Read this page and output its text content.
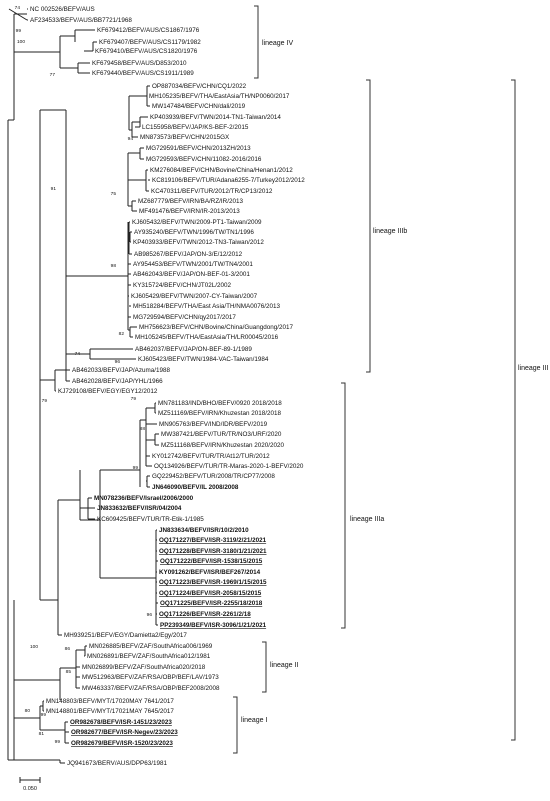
NC 002526/BEFV/AUS
AF234533/BEFV/AUS/BB7721/1968
KF679412/BEFV/AUS/CS1867/1976
KF679407/BEFV/AUS/CS1179/1982
KF679410/BEFV/AUS/CS1820/1976
KF679458/BEFV/AUS/D853/2010
KF679440/BEFV/AUS/CS1911/1989
OP887034/BEFV/CHN/CQ1/2022
MH105235/BEFV/THA/EastAsia/TH/NP0060/2017
MW147484/BEFV/CHN/dali/2019
KP403939/BEFV/TWN/2014-TN1-Taiwan/2014
LC155958/BEFV/JAP/KS-BEF-2/2015
MN873573/BEFV/CHN/2015GX
MG729591/BEFV/CHN/2013ZH/2013
MG729593/BEFV/CHN/11082-2016/2016
KM276084/BEFV/CHN/Bovine/China/Henan1/2012
KC819106/BEFV/TUR/Adana6255-7/Turkey2012/2012
KC470311/BEFV/TUR/2012/TR/CP13/2012
MZ687779/BEFV/IRN/BA/RZ/IR/2013
MF491476/BEFV/IRN/IR-2013/2013
KJ605432/BEFV/TWN/2009-PT1-Taiwan/2009
AY935240/BEFV/TWN/1996/TW/TN1/1996
KP403933/BEFV/TWN/2012-TN3-Taiwan/2012
AB985267/BEFV/JAP/ON-3/E/12/2012
AY954453/BEFV/TWN/2001/TW/TN4/2001
AB462043/BEFV/JAP/ON-BEF-01-3/2001
KY315724/BEFV/CHN/JT02L/2002
KJ605429/BEFV/TWN/2007-CY-Taiwan/2007
MH518284/BEFV/THA/East Asia/TH/NMA0076/2013
MG729594/BEFV/CHN/qy2017/2017
MH756623/BEFV/CHN/Bovine/China/Guangdong/2017
MH105245/BEFV/THA/EastAsia/TH/LR00045/2016
AB462037/BEFV/JAP/ON-BEF-89-1/1989
KJ605423/BEFV/TWN/1984-VAC-Taiwan/1984
AB462033/BEFV/JAP/Azuma/1988
AB462028/BEFV/JAP/YHL/1966
KJ729108/BEFV/EGY/EGY12/2012
MN781183/IND/BHO/BEFV/0920 2018/2018
MZ511169/BEFV/IRN/Khuzestan 2018/2018
MN905763/BEFV/IND/IDR/BEFV/2019
MW387421/BEFV/TUR/TR/NO3/URF/2020
MZ511168/BEFV/IRN/Khuzestan 2020/2020
KY012742/BEFV/TUR/TR/At12/TUR/2012
OQ134926/BEFV/TUR/TR-Maras-2020-1-BEFV/2020
GQ229452/BEFV/TUR/2008/TR/CP77/2008
JN646090/BEFV/IL 2008/2008
MN078236/BEFV/Israel/2006/2000
JN833632/BEFV/ISR/04/2004
KC609425/BEFV/TUR/TR-Etik-1/1985
JN833634/BEFV/ISR/10/2/2010
OQ171227/BEFV/ISR-3119/2/21/2021
OQ171228/BEFV/ISR-3180/1/21/2021
OQ171222/BEFV/ISR-1538/15/2015
KY091262/BEFV/ISR/BEF267/2014
OQ171223/BEFV/ISR-1969/1/15/2015
OQ171224/BEFV/ISR-2058/15/2015
OQ171225/BEFV/ISR-2255/18/2018
OQ171226/BEFV/ISR-2261/2/18
PP239349/BEFV/ISR-3096/1/21/2021
MH939251/BEFV/EGY/Damietta2/Egy/2017
MN026885/BEFV/ZAF/SouthAfrica006/1969
MN026891/BEFV/ZAF/SouthAfrica012/1981
MN026899/BEFV/ZAF/SouthAfrica020/2018
MW512963/BEFV/ZAF/RSA/OBP/BEF/LAV/1973
MW463337/BEFV/ZAF/RSA/OBP/BEF2008/2008
MN148803/BEFV/MYT/17020MAY 7641/2017
MN148801/BEFV/MYT/17021MAY 7645/2017
OR982678/BEFV/ISR-1451/23/2023
OR982677/BEFV/ISR-Negev/23/2023
OR982679/BEFV/ISR-1520/23/2023
JQ941673/BERV/AUS/DPP63/1981
74
99
100
77
91
94
79
75
98
82
96
79
88
99
74
96
86
85
100
80
99
81
99
lineage IV
lineage IIIb
lineage IIIa
lineage III
lineage II
lineage I
0.050
